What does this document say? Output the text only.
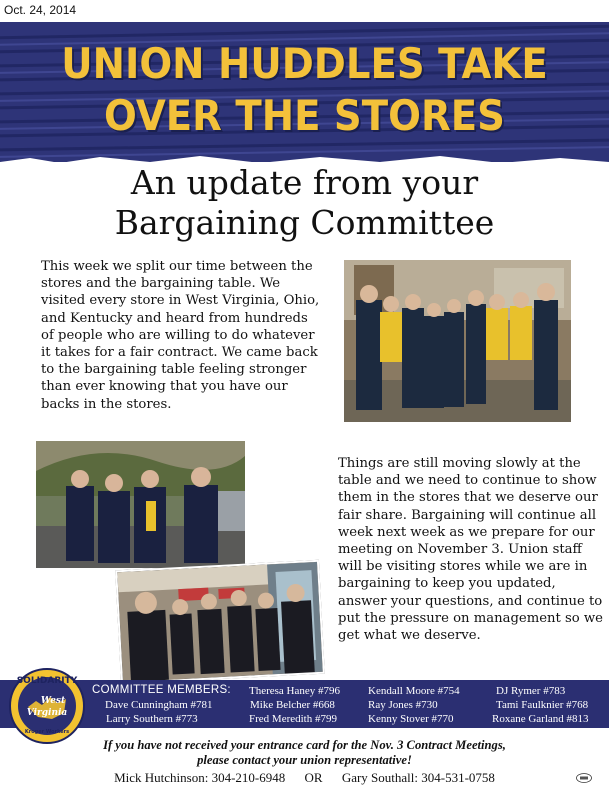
Oct. 24, 2014
UNION HUDDLES TAKE
OVER THE STORES
An update from your
Bargaining Committee
This week we split our time between the stores and the bargaining table. We visited every store in West Virginia, Ohio, and Kentucky and heard from hundreds of people who are willing to do whatever it takes for a fair contract. We came back to the bargaining table feeling stronger than ever knowing that you have our backs in the stores.
Things are still moving slowly at the table and we need to continue to show them in the stores that we deserve our fair share. Bargaining will continue all week next week as we prepare for our meeting on November 3. Union staff will be visiting stores while we are in bargaining to keep you updated, answer your questions, and continue to put the pressure on management so we get what we deserve.
SOLIDARITY
West
Virginia
Kroger Workers
COMMITTEE MEMBERS:
Dave Cunningham #781
Larry Southern #773
Theresa Haney #796
Mike Belcher #668
Fred Meredith #799
Kendall Moore #754
Ray Jones #730
Kenny Stover #770
DJ Rymer #783
Tami Faulknier #768
Roxane Garland #813
If you have not received your entrance card for the Nov. 3 Contract Meetings,
please contact your union representative!
Mick Hutchinson: 304-210-6948 OR Gary Southall: 304-531-0758
